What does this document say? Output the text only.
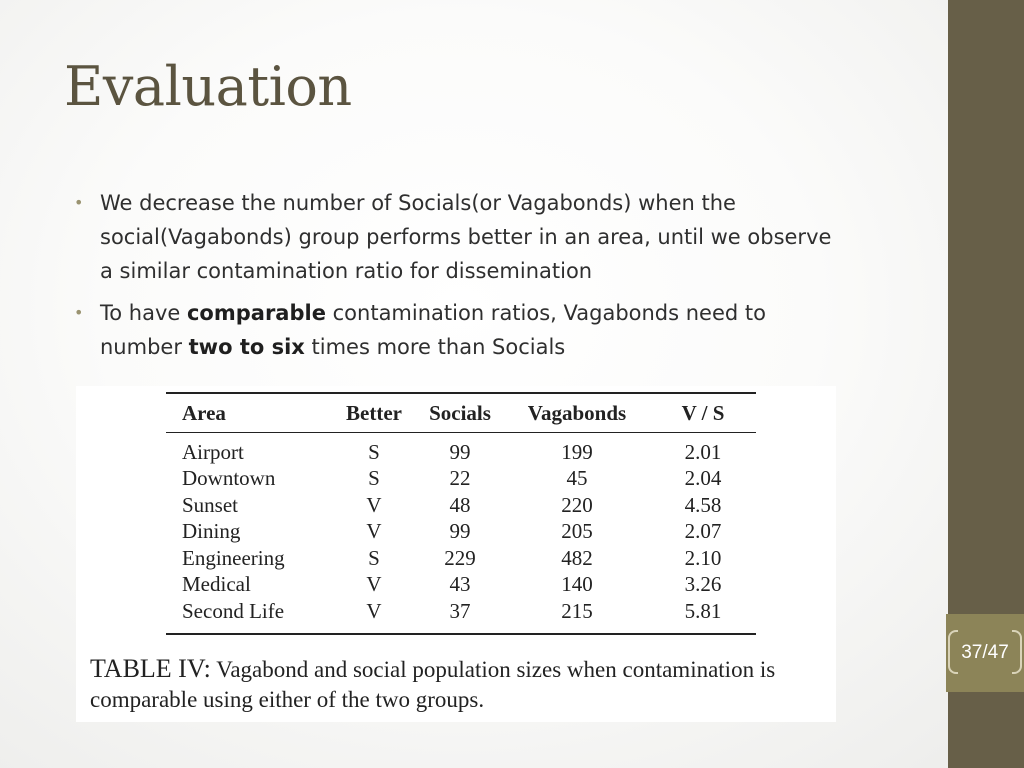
Evaluation
• We decrease the number of Socials(or Vagabonds) when the social(Vagabonds) group performs better in an area, until we observe a similar contamination ratio for dissemination
• To have comparable contamination ratios, Vagabonds need to number two to six times more than Socials
Area	Better	Socials	Vagabonds	V / S
Airport	S	99	199	2.01
Downtown	S	22	45	2.04
Sunset	V	48	220	4.58
Dining	V	99	205	2.07
Engineering	S	229	482	2.10
Medical	V	43	140	3.26
Second Life	V	37	215	5.81
TABLE IV: Vagabond and social population sizes when contamination is comparable using either of the two groups.
37/47
